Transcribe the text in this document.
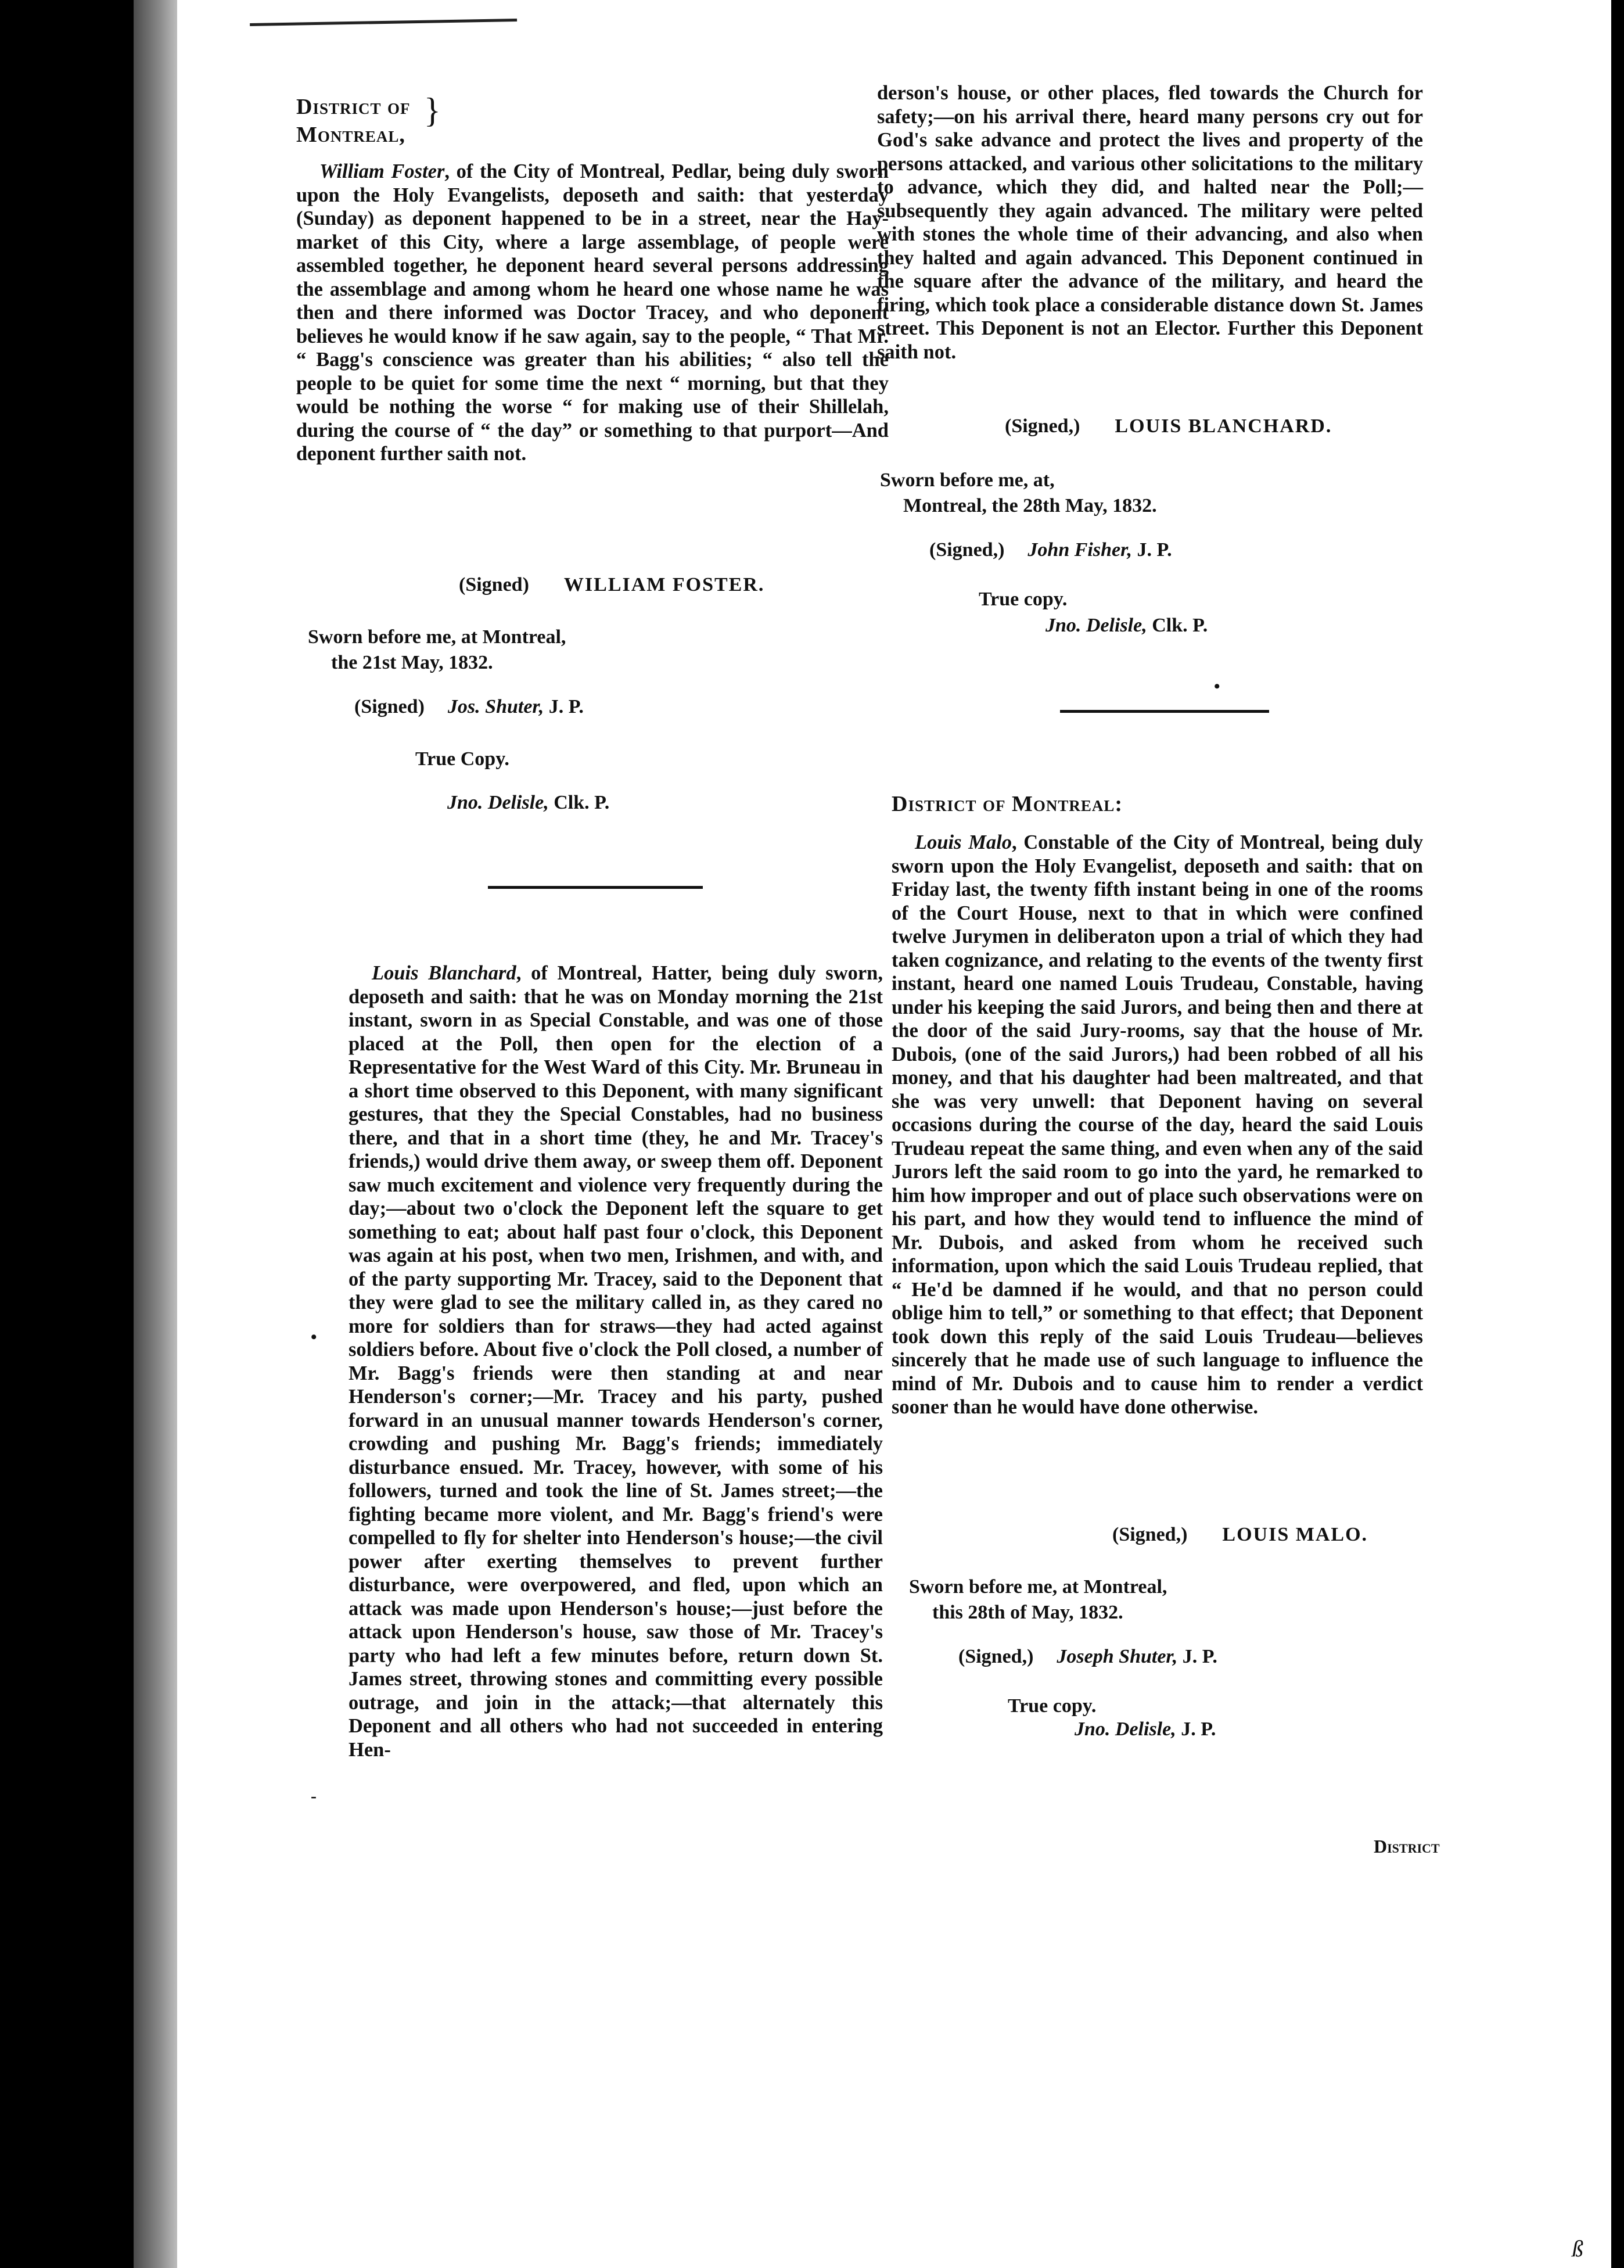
District of
Montreal,
}
William Foster, of the City of Montreal, Pedlar, being duly sworn upon the Holy Evangelists, deposeth and saith: that yesterday (Sunday) as deponent happened to be in a street, near the Hay-market of this City, where a large assemblage, of people were assembled together, he deponent heard several persons addressing the assemblage and among whom he heard one whose name he was then and there informed was Doctor Tracey, and who deponent believes he would know if he saw again, say to the people, “ That Mr. “ Bagg's conscience was greater than his abilities; “ also tell the people to be quiet for some time the next “ morning, but that they would be nothing the worse “ for making use of their Shillelah, during the course of “ the day” or something to that purport—And deponent further saith not.
(Signed) WILLIAM FOSTER.
Sworn before me, at Montreal,
the 21st May, 1832.
(Signed) Jos. Shuter, J. P.
True Copy.
Jno. Delisle, Clk. P.
Louis Blanchard, of Montreal, Hatter, being duly sworn, deposeth and saith: that he was on Monday morning the 21st instant, sworn in as Special Constable, and was one of those placed at the Poll, then open for the election of a Representative for the West Ward of this City. Mr. Bruneau in a short time observed to this Deponent, with many significant gestures, that they the Special Constables, had no business there, and that in a short time (they, he and Mr. Tracey's friends,) would drive them away, or sweep them off. Deponent saw much excitement and violence very frequently during the day;—about two o'clock the Deponent left the square to get something to eat; about half past four o'clock, this Deponent was again at his post, when two men, Irishmen, and with, and of the party supporting Mr. Tracey, said to the Deponent that they were glad to see the military called in, as they cared no more for soldiers than for straws—they had acted against soldiers before. About five o'clock the Poll closed, a number of Mr. Bagg's friends were then standing at and near Henderson's corner;—Mr. Tracey and his party, pushed forward in an unusual manner towards Henderson's corner, crowding and pushing Mr. Bagg's friends; immediately disturbance ensued. Mr. Tracey, however, with some of his followers, turned and took the line of St. James street;—the fighting became more violent, and Mr. Bagg's friend's were compelled to fly for shelter into Henderson's house;—the civil power after exerting themselves to prevent further disturbance, were overpowered, and fled, upon which an attack was made upon Henderson's house;—just before the attack upon Henderson's house, saw those of Mr. Tracey's party who had left a few minutes before, return down St. James street, throwing stones and committing every possible outrage, and join in the attack;—that alternately this Deponent and all others who had not succeeded in entering Hen-
•
-
derson's house, or other places, fled towards the Church for safety;—on his arrival there, heard many persons cry out for God's sake advance and protect the lives and property of the persons attacked, and various other solicitations to the military to advance, which they did, and halted near the Poll;—subsequently they again advanced. The military were pelted with stones the whole time of their advancing, and also when they halted and again advanced. This Deponent continued in the square after the advance of the military, and heard the firing, which took place a considerable distance down St. James street. This Deponent is not an Elector. Further this Deponent saith not.
(Signed,) LOUIS BLANCHARD.
Sworn before me, at,
Montreal, the 28th May, 1832.
(Signed,) John Fisher, J. P.
True copy.
Jno. Delisle, Clk. P.
•
District of Montreal:
Louis Malo, Constable of the City of Montreal, being duly sworn upon the Holy Evangelist, deposeth and saith: that on Friday last, the twenty fifth instant being in one of the rooms of the Court House, next to that in which were confined twelve Jurymen in deliberaton upon a trial of which they had taken cognizance, and relating to the events of the twenty first instant, heard one named Louis Trudeau, Constable, having under his keeping the said Jurors, and being then and there at the door of the said Jury-rooms, say that the house of Mr. Dubois, (one of the said Jurors,) had been robbed of all his money, and that his daughter had been maltreated, and that she was very unwell: that Deponent having on several occasions during the course of the day, heard the said Louis Trudeau repeat the same thing, and even when any of the said Jurors left the said room to go into the yard, he remarked to him how improper and out of place such observations were on his part, and how they would tend to influence the mind of Mr. Dubois, and asked from whom he received such information, upon which the said Louis Trudeau replied, that “ He'd be damned if he would, and that no person could oblige him to tell,” or something to that effect; that Deponent took down this reply of the said Louis Trudeau—believes sincerely that he made use of such language to influence the mind of Mr. Dubois and to cause him to render a verdict sooner than he would have done otherwise.
(Signed,) LOUIS MALO.
Sworn before me, at Montreal,
this 28th of May, 1832.
(Signed,) Joseph Shuter, J. P.
True copy.
Jno. Delisle, J. P.
District
ß
